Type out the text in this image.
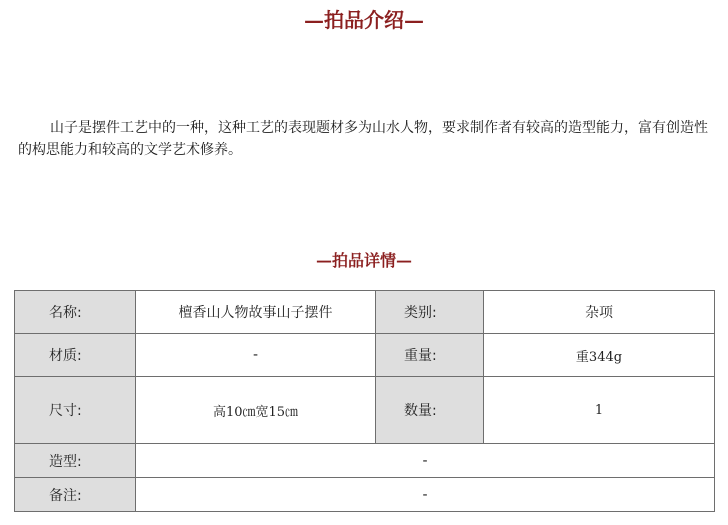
—拍品介绍—

山子是摆件工艺中的一种，这种工艺的表现题材多为山水人物，要求制作者有较高的造型能力，富有创造性的构思能力和较高的文学艺术修养。

—拍品详情—
名称:	檀香山人物故事山子摆件	类别:	杂项
材质:	-	重量:	重344g
尺寸:	高10㎝宽15㎝	数量:	1
造型:	-		
备注:	-		
